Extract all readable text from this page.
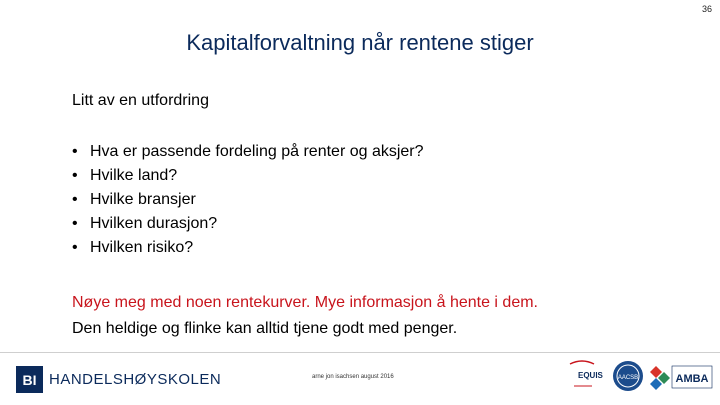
36
Kapitalforvaltning når rentene stiger
Litt av en utfordring
• Hva er passende fordeling på renter og aksjer?
• Hvilke land?
• Hvilke bransjer
• Hvilken durasjon?
• Hvilken risiko?
Nøye meg med noen rentekurver. Mye informasjon å hente i dem.
Den heldige og flinke kan alltid tjene godt med penger.
BI HANDELSHØYSKOLEN	arne jon isachsen august 2016	EQUIS AACSB	AMBA
